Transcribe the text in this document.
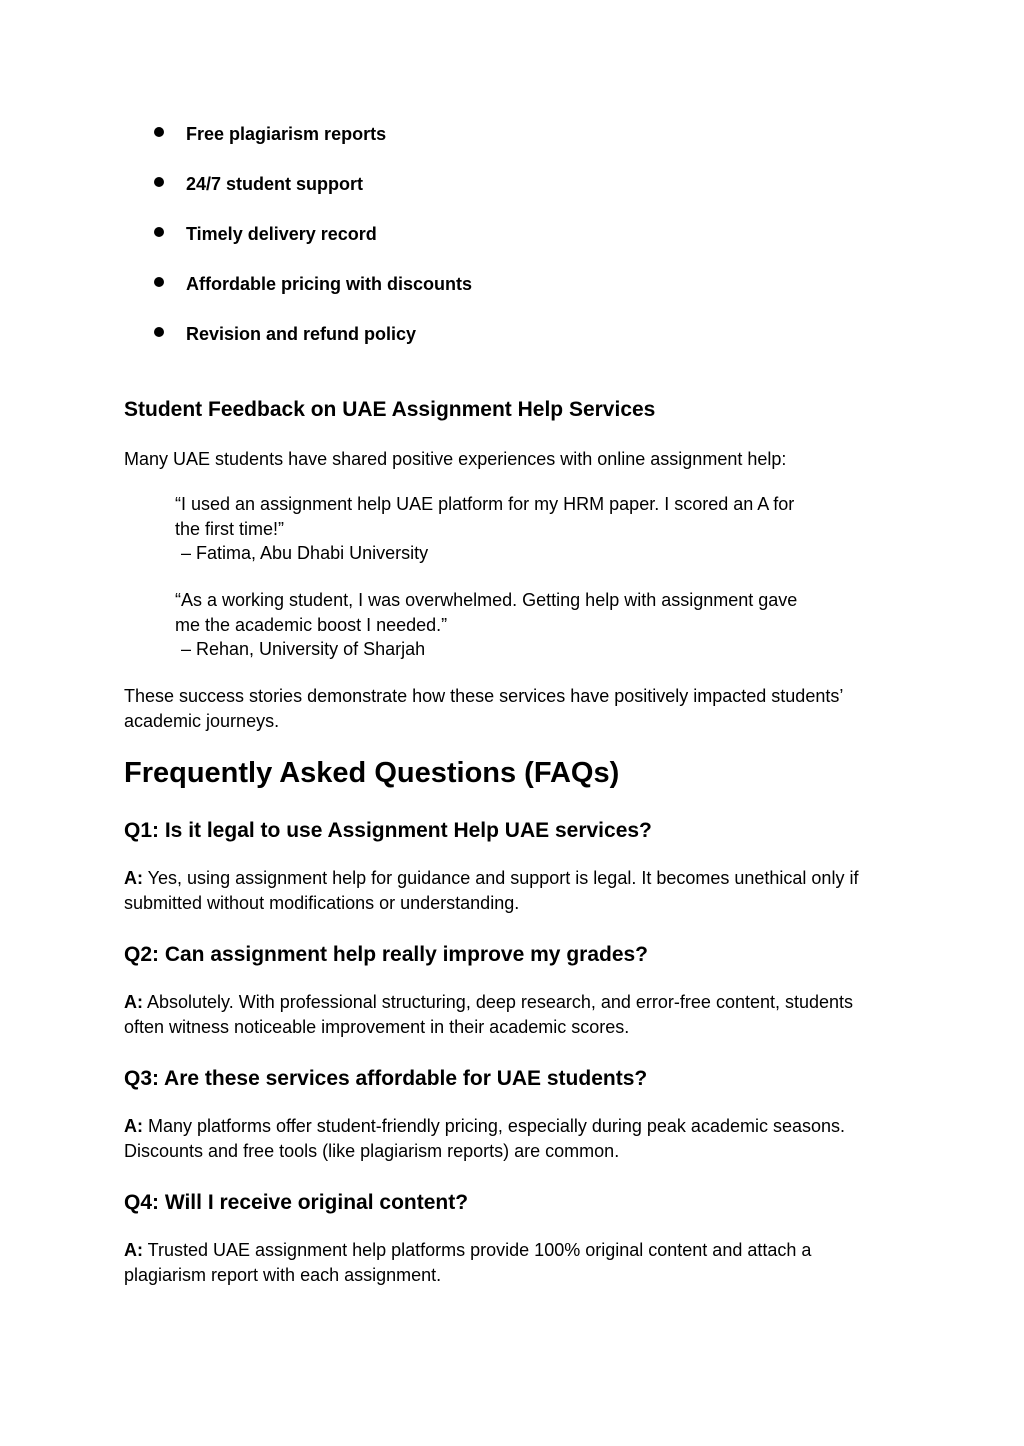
Free plagiarism reports
24/7 student support
Timely delivery record
Affordable pricing with discounts
Revision and refund policy
Student Feedback on UAE Assignment Help Services

Many UAE students have shared positive experiences with online assignment help:

“I used an assignment help UAE platform for my HRM paper. I scored an A for
the first time!”
– Fatima, Abu Dhabi University
“As a working student, I was overwhelmed. Getting help with assignment gave
me the academic boost I needed.”
– Rehan, University of Sharjah
These success stories demonstrate how these services have positively impacted students’
academic journeys.
Frequently Asked Questions (FAQs)
Q1: Is it legal to use Assignment Help UAE services?
A: Yes, using assignment help for guidance and support is legal. It becomes unethical only if
submitted without modifications or understanding.
Q2: Can assignment help really improve my grades?
A: Absolutely. With professional structuring, deep research, and error-free content, students
often witness noticeable improvement in their academic scores.
Q3: Are these services affordable for UAE students?
A: Many platforms offer student-friendly pricing, especially during peak academic seasons.
Discounts and free tools (like plagiarism reports) are common.
Q4: Will I receive original content?
A: Trusted UAE assignment help platforms provide 100% original content and attach a
plagiarism report with each assignment.
